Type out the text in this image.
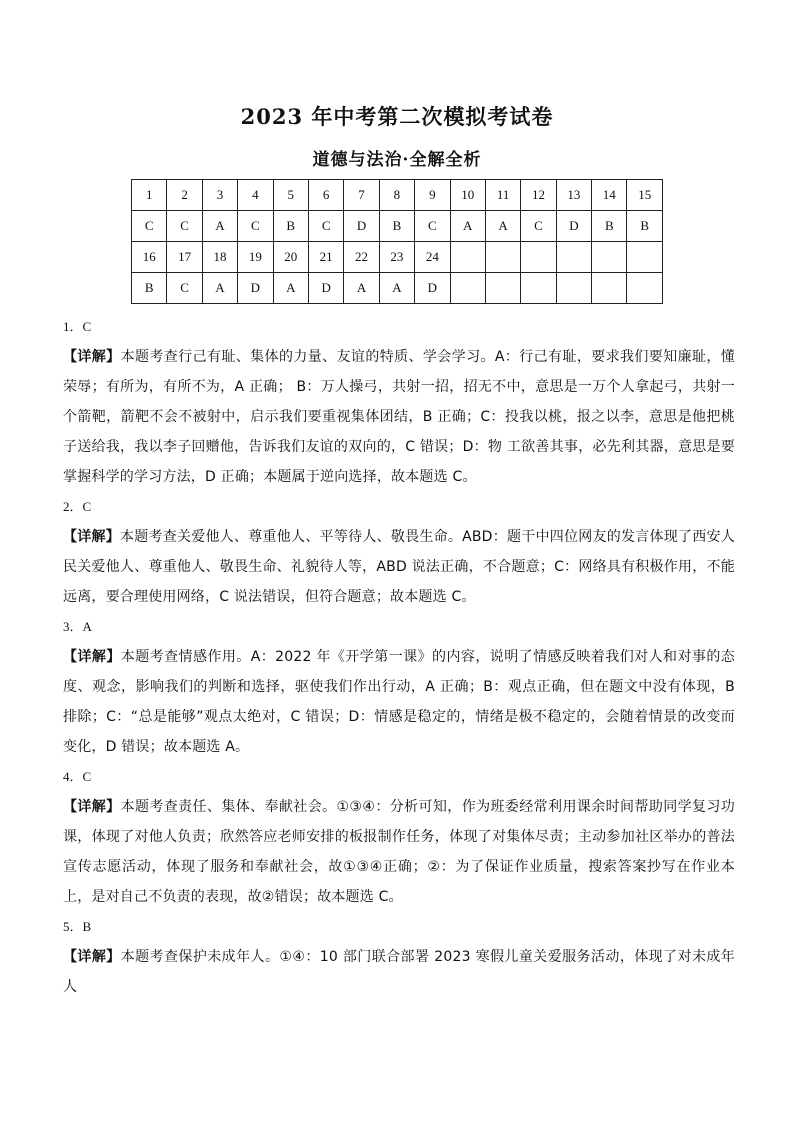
2023 年中考第二次模拟考试卷
道德与法治·全解全析
1	2	3	4	5	6	7	8	9	10	11	12	13	14	15
C	C	A	C	B	C	D	B	C	A	A	C	D	B	B
16	17	18	19	20	21	22	23	24						
B	C	A	D	A	D	A	A	D						
1．C
【详解】本题考查行己有耻、集体的力量、友谊的特质、学会学习。A：行己有耻，要求我们要知廉耻，懂荣辱；有所为，有所不为，A 正确； B：万人操弓，共射一招，招无不中，意思是一万个人拿起弓，共射一个箭靶，箭靶不会不被射中，启示我们要重视集体团结，B 正确；C：投我以桃，报之以李，意思是他把桃子送给我，我以李子回赠他，告诉我们友谊的双向的，C 错误；D：物 工欲善其事，必先利其器，意思是要掌握科学的学习方法，D 正确；本题属于逆向选择，故本题选 C。
2．C
【详解】本题考查关爱他人、尊重他人、平等待人、敬畏生命。ABD：题干中四位网友的发言体现了西安人民关爱他人、尊重他人、敬畏生命、礼貌待人等，ABD 说法正确，不合题意；C：网络具有积极作用，不能远离，要合理使用网络，C 说法错误，但符合题意；故本题选 C。
3．A
【详解】本题考查情感作用。A：2022 年《开学第一课》的内容，说明了情感反映着我们对人和对事的态度、观念，影响我们的判断和选择，驱使我们作出行动，A 正确；B：观点正确，但在题文中没有体现，B 排除；C：“总是能够”观点太绝对，C 错误；D：情感是稳定的，情绪是极不稳定的，会随着情景的改变而变化，D 错误；故本题选 A。
4．C
【详解】本题考查责任、集体、奉献社会。①③④：分析可知，作为班委经常利用课余时间帮助同学复习功课，体现了对他人负责；欣然答应老师安排的板报制作任务，体现了对集体尽责；主动参加社区举办的普法宣传志愿活动，体现了服务和奉献社会，故①③④正确；②：为了保证作业质量，搜索答案抄写在作业本上，是对自己不负责的表现，故②错误；故本题选 C。
5．B
【详解】本题考查保护未成年人。①④：10 部门联合部署 2023 寒假儿童关爱服务活动，体现了对未成年人
